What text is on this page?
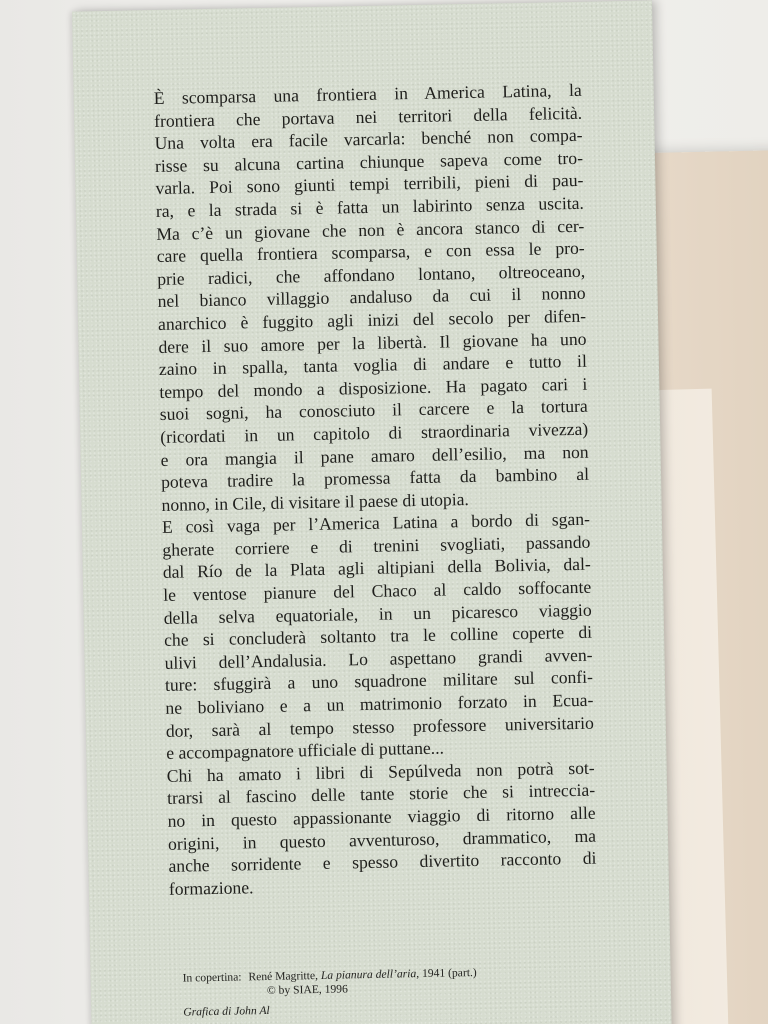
È scomparsa una frontiera in America Latina, la
frontiera che portava nei territori della felicità.
Una volta era facile varcarla: benché non compa-
risse su alcuna cartina chiunque sapeva come tro-
varla. Poi sono giunti tempi terribili, pieni di pau-
ra, e la strada si è fatta un labirinto senza uscita.
Ma c’è un giovane che non è ancora stanco di cer-
care quella frontiera scomparsa, e con essa le pro-
prie radici, che affondano lontano, oltreoceano,
nel bianco villaggio andaluso da cui il nonno
anarchico è fuggito agli inizi del secolo per difen-
dere il suo amore per la libertà. Il giovane ha uno
zaino in spalla, tanta voglia di andare e tutto il
tempo del mondo a disposizione. Ha pagato cari i
suoi sogni, ha conosciuto il carcere e la tortura
(ricordati in un capitolo di straordinaria vivezza)
e ora mangia il pane amaro dell’esilio, ma non
poteva tradire la promessa fatta da bambino al
nonno, in Cile, di visitare il paese di utopia.
E così vaga per l’America Latina a bordo di sgan-
gherate corriere e di trenini svogliati, passando
dal Río de la Plata agli altipiani della Bolivia, dal-
le ventose pianure del Chaco al caldo soffocante
della selva equatoriale, in un picaresco viaggio
che si concluderà soltanto tra le colline coperte di
ulivi dell’Andalusia. Lo aspettano grandi avven-
ture: sfuggirà a uno squadrone militare sul confi-
ne boliviano e a un matrimonio forzato in Ecua-
dor, sarà al tempo stesso professore universitario
e accompagnatore ufficiale di puttane...
Chi ha amato i libri di Sepúlveda non potrà sot-
trarsi al fascino delle tante storie che si intreccia-
no in questo appassionante viaggio di ritorno alle
origini, in questo avventuroso, drammatico, ma
anche sorridente e spesso divertito racconto di
formazione.
In copertina: René Magritte, La pianura dell’aria, 1941 (part.)
© by SIAE, 1996
Grafica di John Al
